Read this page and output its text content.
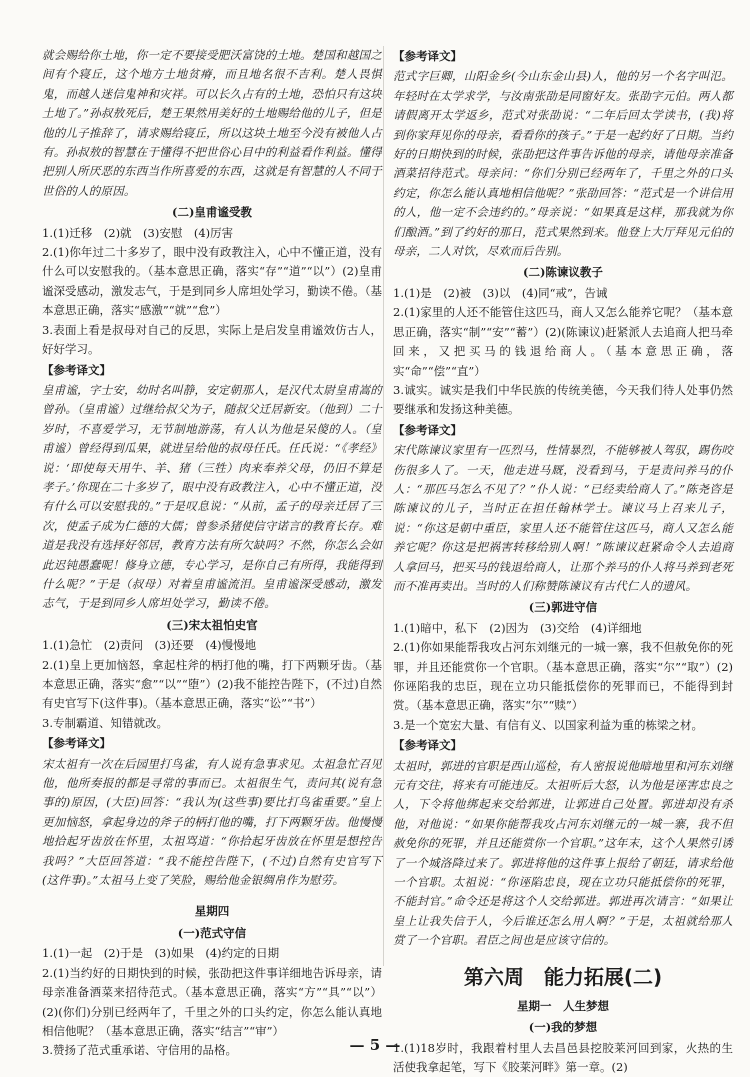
就会赐给你土地，你一定不要接受肥沃富饶的土地。楚国和越国之间有个寝丘，这个地方土地贫瘠，而且地名很不吉利。楚人畏惧鬼，而越人迷信鬼神和灾祥。可以长久占有的土地，恐怕只有这块土地了。”孙叔敖死后，楚王果然用美好的土地赐给他的儿子，但是他的儿子推辞了，请求赐给寝丘，所以这块土地至今没有被他人占有。孙叔敖的智慧在于懂得不把世俗心目中的利益看作利益。懂得把别人所厌恶的东西当作所喜爱的东西，这就是有智慧的人不同于世俗的人的原因。
(二)皇甫谧受教
1.(1)迁移　(2)就　(3)安慰　(4)厉害
2.(1)你年过二十多岁了，眼中没有政教注入，心中不懂正道，没有什么可以安慰我的。（基本意思正确，落实“存”“道”“以”）(2)皇甫谧深受感动，激发志气，于是到同乡人席坦处学习，勤读不倦。（基本意思正确，落实“感激”“就”“怠”）
3.表面上看是叔母对自己的反思，实际上是启发皇甫谧效仿古人，好好学习。
【参考译文】
皇甫谧，字士安，幼时名叫静，安定朝那人，是汉代太尉皇甫嵩的曾孙。（皇甫谧）过继给叔父为子，随叔父迁居新安。（他到）二十岁时，不喜爱学习，无节制地游荡，有人认为他是呆傻的人。（皇甫谧）曾经得到瓜果，就进呈给他的叔母任氏。任氏说：“《孝经》说：‘即使每天用牛、羊、猪（三牲）肉来奉养父母，仍旧不算是孝子。’你现在二十多岁了，眼中没有政教注入，心中不懂正道，没有什么可以安慰我的。”于是叹息说：“从前，孟子的母亲迁居了三次，使孟子成为仁德的大儒；曾参杀猪使信守诺言的教育长存。难道是我没有选择好邻居，教育方法有所欠缺吗？不然，你怎么会如此迟钝愚蠢呢！修身立德，专心学习，是你自己有所得，我能得到什么呢？”于是（叔母）对着皇甫谧流泪。皇甫谧深受感动，激发志气，于是到同乡人席坦处学习，勤读不倦。
(三)宋太祖怕史官
1.(1)急忙　(2)责问　(3)还要　(4)慢慢地
2.(1)皇上更加恼怒，拿起柱斧的柄打他的嘴，打下两颗牙齿。（基本意思正确，落实“愈”“以”“堕”）(2)我不能控告陛下，(不过)自然有史官写下(这件事)。（基本意思正确，落实“讼”“书”）
3.专制霸道、知错就改。
【参考译文】
宋太祖有一次在后园里打鸟雀，有人说有急事求见。太祖急忙召见他，他所奏报的都是寻常的事而已。太祖很生气，责问其(说有急事的)原因，(大臣)回答：“我认为(这些事)要比打鸟雀重要。”皇上更加恼怒，拿起身边的斧子的柄打他的嘴，打下两颗牙齿。他慢慢地拾起牙齿放在怀里，太祖骂道：“你拾起牙齿放在怀里是想控告我吗？”大臣回答道：“我不能控告陛下，(不过)自然有史官写下(这件事)。”太祖马上变了笑脸，赐给他金银绸帛作为慰劳。
星期四
(一)范式守信
1.(1)一起　(2)于是　(3)如果　(4)约定的日期
2.(1)当约好的日期快到的时候，张劭把这件事详细地告诉母亲，请母亲准备酒菜来招待范式。（基本意思正确，落实“方”“具”“以”）(2)(你们)分别已经两年了，千里之外的口头约定，你怎么能认真地相信他呢？（基本意思正确，落实“结言”“审”）
3.赞扬了范式重承诺、守信用的品格。
【参考译文】
范式字巨卿，山阳金乡(今山东金山县)人，他的另一个名字叫氾。年轻时在太学求学，与汝南张劭是同窗好友。张劭字元伯。两人都请假离开太学返乡，范式对张劭说：“二年后回太学读书，(我)将到你家拜见你的母亲，看看你的孩子。”于是一起约好了日期。当约好的日期快到的时候，张劭把这件事告诉他的母亲，请他母亲准备酒菜招待范式。母亲问：“你们分别已经两年了，千里之外的口头约定，你怎么能认真地相信他呢？”张劭回答：“范式是一个讲信用的人，他一定不会违约的。”母亲说：“如果真是这样，那我就为你们酿酒。”到了约好的那日，范式果然到来。他登上大厅拜见元伯的母亲，二人对饮，尽欢而后告别。
(二)陈谏议教子
1.(1)是　(2)被　(3)以　(4)同“戒”，告诫
2.(1)家里的人还不能管住这匹马，商人又怎么能养它呢？（基本意思正确，落实“制”“安”“蓄”）(2)(陈谏议)赶紧派人去追商人把马牵回来，又把买马的钱退给商人。（基本意思正确，落实“命”“偿”“直”）
3.诚实。诚实是我们中华民族的传统美德，今天我们待人处事仍然要继承和发扬这种美德。
【参考译文】
宋代陈谏议家里有一匹烈马，性情暴烈，不能够被人驾驭，踢伤咬伤很多人了。一天，他走进马厩，没看到马，于是责问养马的仆人：“那匹马怎么不见了？”仆人说：“已经卖给商人了。”陈尧咨是陈谏议的儿子，当时正在担任翰林学士。谏议马上召来儿子，说：“你这是朝中重臣，家里人还不能管住这匹马，商人又怎么能养它呢？你这是把祸害转移给别人啊！”陈谏议赶紧命令人去追商人拿回马，把买马的钱退给商人，让那个养马的仆人将马养到老死而不准再卖出。当时的人们称赞陈谏议有古代仁人的遗风。
(三)郭进守信
1.(1)暗中，私下　(2)因为　(3)交给　(4)详细地
2.(1)你如果能帮我攻占河东刘继元的一城一寨，我不但赦免你的死罪，并且还能赏你一个官职。（基本意思正确，落实“尔”“取”）(2)你诬陷我的忠臣，现在立功只能抵偿你的死罪而已，不能得到封赏。（基本意思正确，落实“尔”“赎”）
3.是一个宽宏大量、有信有义、以国家利益为重的栋梁之材。
【参考译文】
太祖时，郭进的官职是西山巡检，有人密报说他暗地里和河东刘继元有交往，将来有可能违反。太祖听后大怒，认为他是诬害忠良之人，下令将他绑起来交给郭进，让郭进自己处置。郭进却没有杀他，对他说：“如果你能帮我攻占河东刘继元的一城一寨，我不但赦免你的死罪，并且还能赏你一个官职。”这年末，这个人果然引诱了一个城洛降过来了。郭进将他的这件事上报给了朝廷，请求给他一个官职。太祖说：“你诬陷忠良，现在立功只能抵偿你的死罪，不能封官。”命令还是将这个人交给郭进。郭进再次请言：“如果让皇上让我失信于人，今后谁还怎么用人啊？”于是，太祖就给那人赏了一个官职。君臣之间也是应该守信的。
第六周　能力拓展(二)
星期一　人生梦想
(一)我的梦想
1.(1)18岁时，我跟着村里人去昌邑县挖胶莱河回到家，火热的生活使我拿起笔，写下《胶莱河畔》第一章。(2)
— 5 —
